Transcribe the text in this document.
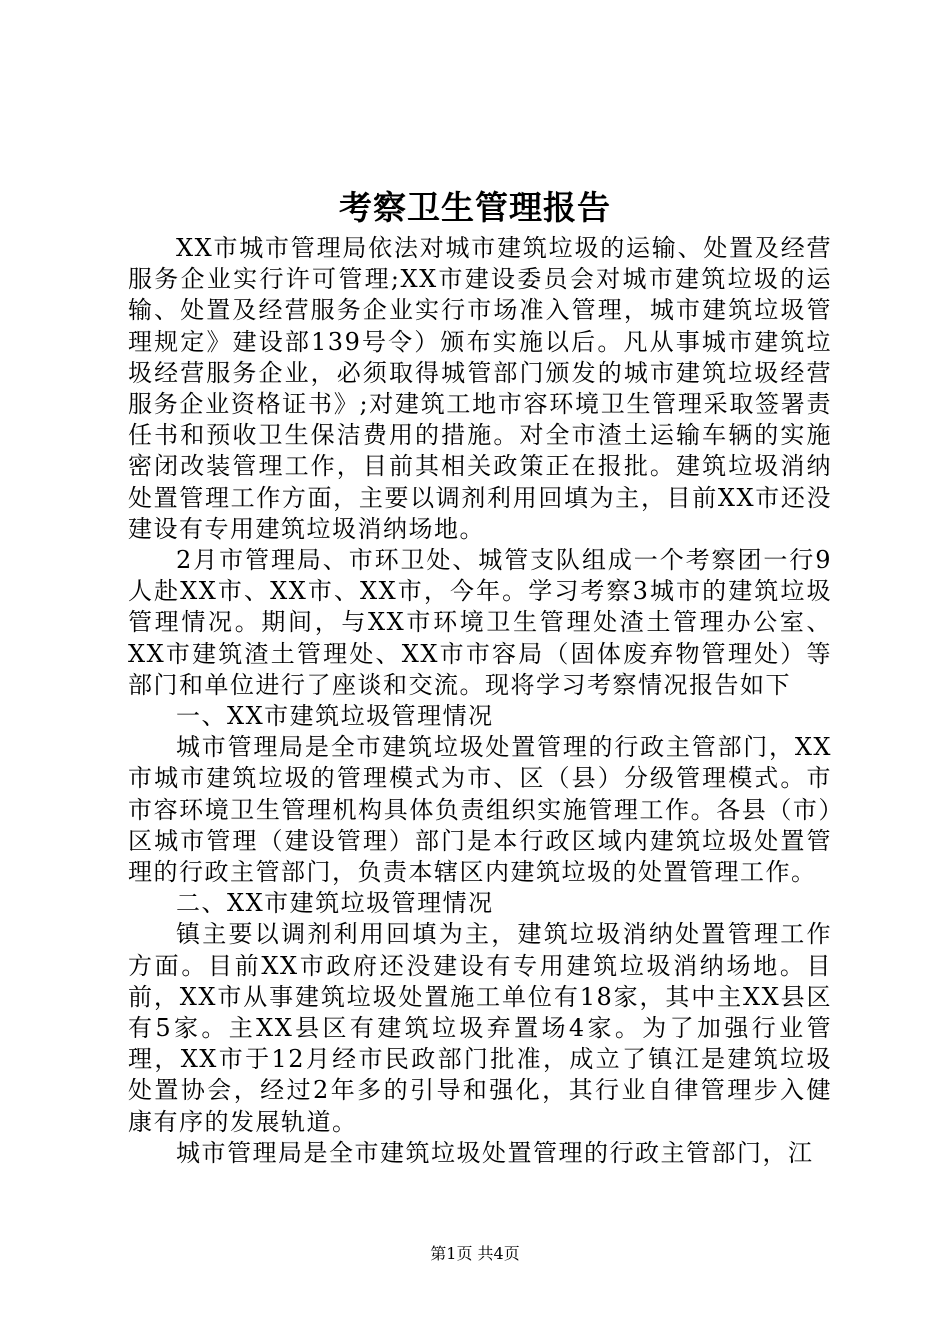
考察卫生管理报告

XX市城市管理局依法对城市建筑垃圾的运输、处置及经营服务企业实行许可管理;XX市建设委员会对城市建筑垃圾的运输、处置及经营服务企业实行市场准入管理，城市建筑垃圾管理规定》建设部139号令）颁布实施以后。凡从事城市建筑垃圾经营服务企业，必须取得城管部门颁发的城市建筑垃圾经营服务企业资格证书》;对建筑工地市容环境卫生管理采取签署责任书和预收卫生保洁费用的措施。对全市渣土运输车辆的实施密闭改装管理工作，目前其相关政策正在报批。建筑垃圾消纳处置管理工作方面，主要以调剂利用回填为主，目前XX市还没建设有专用建筑垃圾消纳场地。

2月市管理局、市环卫处、城管支队组成一个考察团一行9人赴XX市、XX市、XX市，今年。学习考察3城市的建筑垃圾管理情况。期间，与XX市环境卫生管理处渣土管理办公室、XX市建筑渣土管理处、XX市市容局（固体废弃物管理处）等部门和单位进行了座谈和交流。现将学习考察情况报告如下

一、XX市建筑垃圾管理情况

城市管理局是全市建筑垃圾处置管理的行政主管部门，XX市城市建筑垃圾的管理模式为市、区（县）分级管理模式。市市容环境卫生管理机构具体负责组织实施管理工作。各县（市）区城市管理（建设管理）部门是本行政区域内建筑垃圾处置管理的行政主管部门，负责本辖区内建筑垃圾的处置管理工作。

二、XX市建筑垃圾管理情况

镇主要以调剂利用回填为主，建筑垃圾消纳处置管理工作方面。目前XX市政府还没建设有专用建筑垃圾消纳场地。目前，XX市从事建筑垃圾处置施工单位有18家，其中主XX县区有5家。主XX县区有建筑垃圾弃置场4家。为了加强行业管理，XX市于12月经市民政部门批准，成立了镇江是建筑垃圾处置协会，经过2年多的引导和强化，其行业自律管理步入健康有序的发展轨道。

城市管理局是全市建筑垃圾处置管理的行政主管部门，江

第1页 共4页
